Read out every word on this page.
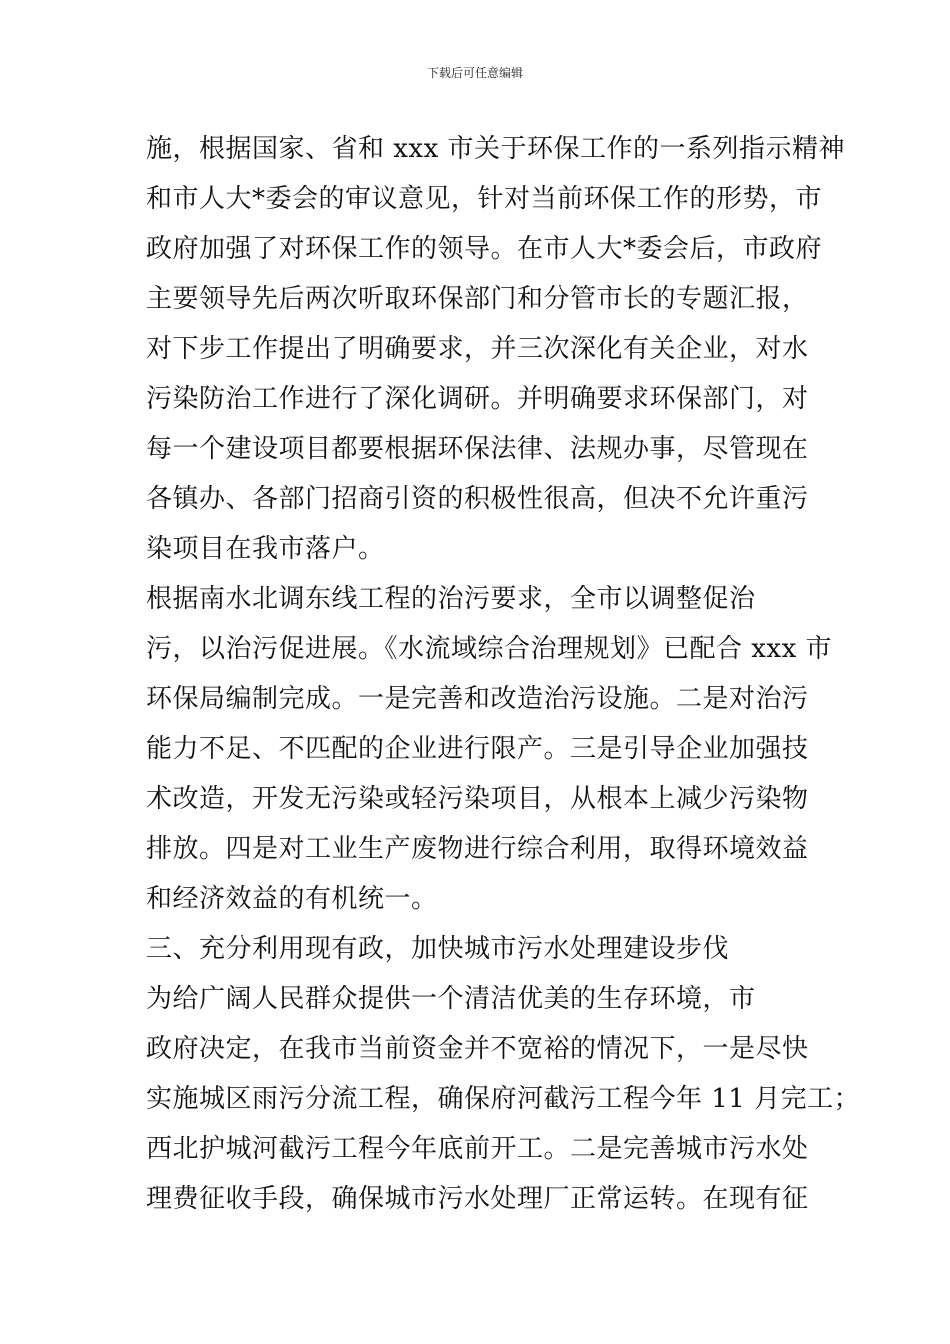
下载后可任意编辑
施，根据国家、省和 xxx 市关于环保工作的一系列指示精神
和市人大*委会的审议意见，针对当前环保工作的形势，市
政府加强了对环保工作的领导。在市人大*委会后，市政府
主要领导先后两次听取环保部门和分管市长的专题汇报，
对下步工作提出了明确要求，并三次深化有关企业，对水
污染防治工作进行了深化调研。并明确要求环保部门，对
每一个建设项目都要根据环保法律、法规办事，尽管现在
各镇办、各部门招商引资的积极性很高，但决不允许重污
染项目在我市落户。
根据南水北调东线工程的治污要求，全市以调整促治
污，以治污促进展。《水流域综合治理规划》已配合 xxx 市
环保局编制完成。一是完善和改造治污设施。二是对治污
能力不足、不匹配的企业进行限产。三是引导企业加强技
术改造，开发无污染或轻污染项目，从根本上减少污染物
排放。四是对工业生产废物进行综合利用，取得环境效益
和经济效益的有机统一。
三、充分利用现有政，加快城市污水处理建设步伐
为给广阔人民群众提供一个清洁优美的生存环境，市
政府决定，在我市当前资金并不宽裕的情况下，一是尽快
实施城区雨污分流工程，确保府河截污工程今年 11 月完工；
西北护城河截污工程今年底前开工。二是完善城市污水处
理费征收手段，确保城市污水处理厂正常运转。在现有征
